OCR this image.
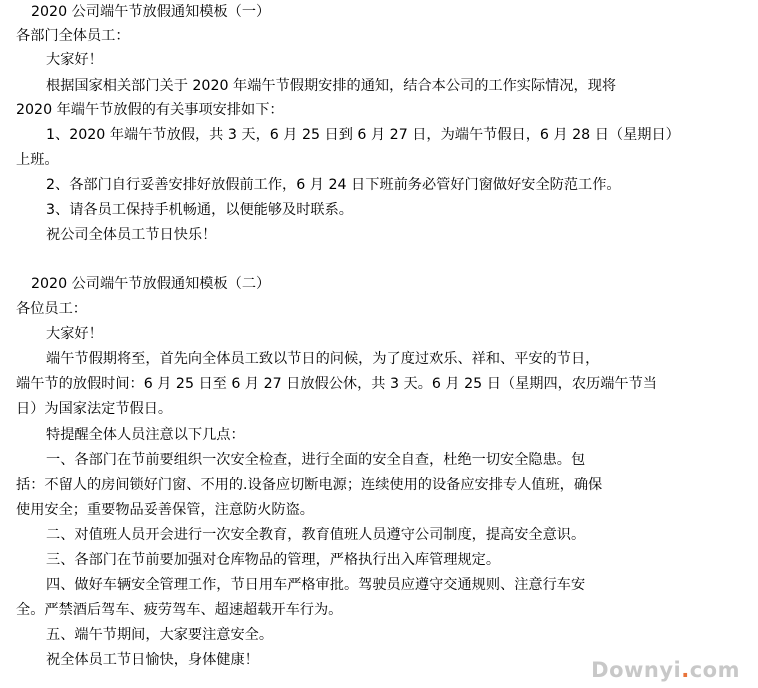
2020 公司端午节放假通知模板（一）
各部门全体员工：
大家好！
根据国家相关部门关于 2020 年端午节假期安排的通知，结合本公司的工作实际情况，现将
2020 年端午节放假的有关事项安排如下：
1、2020 年端午节放假，共 3 天，6 月 25 日到 6 月 27 日，为端午节假日，6 月 28 日（星期日）
上班。
2、各部门自行妥善安排好放假前工作，6 月 24 日下班前务必管好门窗做好安全防范工作。
3、请各员工保持手机畅通，以便能够及时联系。
祝公司全体员工节日快乐！
2020 公司端午节放假通知模板（二）
各位员工：
大家好！
端午节假期将至，首先向全体员工致以节日的问候，为了度过欢乐、祥和、平安的节日，
端午节的放假时间：6 月 25 日至 6 月 27 日放假公休，共 3 天。6 月 25 日（星期四，农历端午节当
日）为国家法定节假日。
特提醒全体人员注意以下几点：
一、各部门在节前要组织一次安全检查，进行全面的安全自查，杜绝一切安全隐患。包
括：不留人的房间锁好门窗、不用的.设备应切断电源；连续使用的设备应安排专人值班，确保
使用安全；重要物品妥善保管，注意防火防盗。
二、对值班人员开会进行一次安全教育，教育值班人员遵守公司制度，提高安全意识。
三、各部门在节前要加强对仓库物品的管理，严格执行出入库管理规定。
四、做好车辆安全管理工作，节日用车严格审批。驾驶员应遵守交通规则、注意行车安
全。严禁酒后驾车、疲劳驾车、超速超载开车行为。
五、端午节期间，大家要注意安全。
祝全体员工节日愉快，身体健康！	Downyi.com
